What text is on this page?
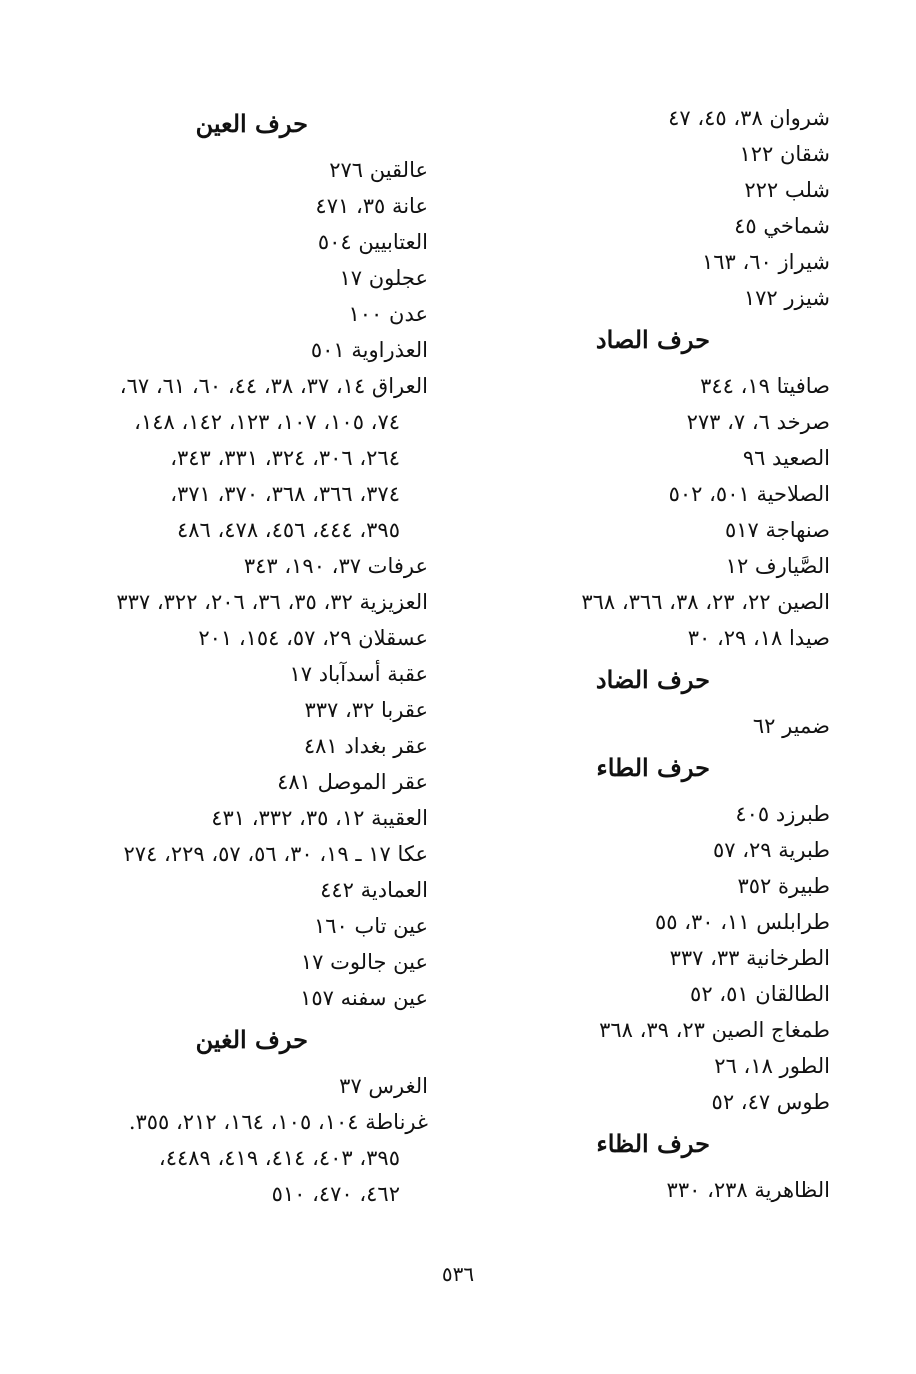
شروان ٣٨، ٤٥، ٤٧
شقان ١٢٢
شلب ٢٢٢
شماخي ٤٥
شيراز ٦٠، ١٦٣
شيزر ١٧٢
حرف الصاد
صافيتا ١٩، ٣٤٤
صرخد ٦، ٧، ٢٧٣
الصعيد ٩٦
الصلاحية ٥٠١، ٥٠٢
صنهاجة ٥١٧
الصَّيارف ١٢
الصين ٢٢، ٢٣، ٣٨، ٣٦٦، ٣٦٨
صيدا ١٨، ٢٩، ٣٠
حرف الضاد
ضمير ٦٢
حرف الطاء
طبرزد ٤٠٥
طبرية ٢٩، ٥٧
طبيرة ٣٥٢
طرابلس ١١، ٣٠، ٥٥
الطرخانية ٣٣، ٣٣٧
الطالقان ٥١، ٥٢
طمغاج الصين ٢٣، ٣٩، ٣٦٨
الطور ١٨، ٢٦
طوس ٤٧، ٥٢
حرف الظاء
الظاهرية ٢٣٨، ٣٣٠
حرف العين
عالقين ٢٧٦
عانة ٣٥، ٤٧١
العتابيين ٥٠٤
عجلون ١٧
عدن ١٠٠
العذراوية ٥٠١
العراق ١٤، ٣٧، ٣٨، ٤٤، ٦٠، ٦١، ٦٧،
٧٤، ١٠٥، ١٠٧، ١٢٣، ١٤٢، ١٤٨،
٢٦٤، ٣٠٦، ٣٢٤، ٣٣١، ٣٤٣،
٣٧٤، ٣٦٦، ٣٦٨، ٣٧٠، ٣٧١،
٣٩٥، ٤٤٤، ٤٥٦، ٤٧٨، ٤٨٦
عرفات ٣٧، ١٩٠، ٣٤٣
العزيزية ٣٢، ٣٥، ٣٦، ٢٠٦، ٣٢٢، ٣٣٧
عسقلان ٢٩، ٥٧، ١٥٤، ٢٠١
عقبة أسدآباد ١٧
عقربا ٣٢، ٣٣٧
عقر بغداد ٤٨١
عقر الموصل ٤٨١
العقيبة ١٢، ٣٥، ٣٣٢، ٤٣١
عكا ١٧ ـ ١٩، ٣٠، ٥٦، ٥٧، ٢٢٩، ٢٧٤
العمادية ٤٤٢
عين تاب ١٦٠
عين جالوت ١٧
عين سفنه ١٥٧
حرف الغين
الغرس ٣٧
غرناطة ١٠٤، ١٠٥، ١٦٤، ٢١٢، ٣٥٥.
٣٩٥، ٤٠٣، ٤١٤، ٤١٩، ٤٤٨٩،
٤٦٢، ٤٧٠، ٥١٠
٥٣٦
